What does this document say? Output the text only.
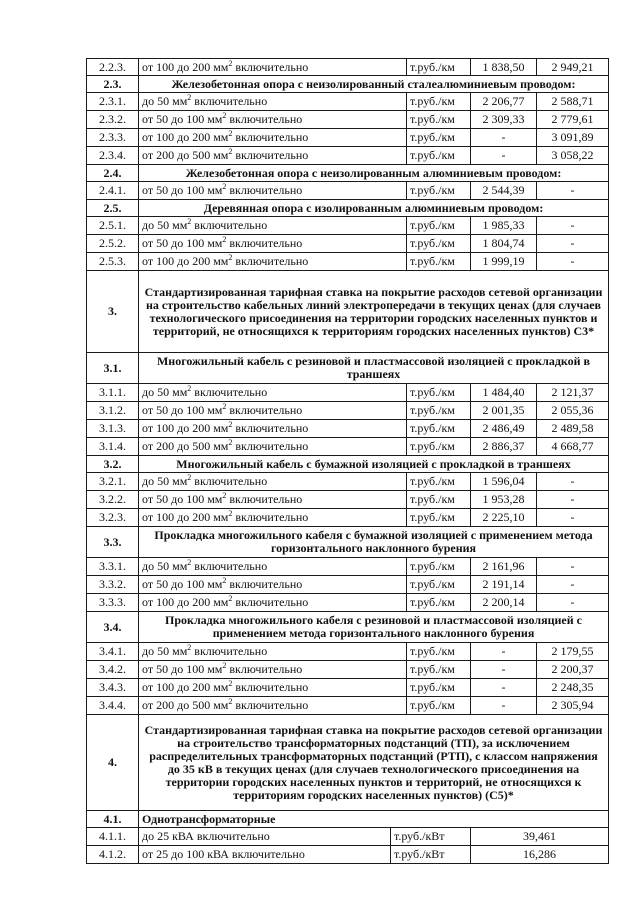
2.2.3.	от 100 до 200 $мм^2$ включительно		т.руб./км	1 838,50	2 949,21
2.3.	Железобетонная опора с неизолированный сталеалюминиевым проводом:				
2.3.1.	до 50 $мм^2$ включительно		т.руб./км	2 206,77	2 588,71
2.3.2.	от 50 до 100 $мм^2$ включительно		т.руб./км	2 309,33	2 779,61
2.3.3.	от 100 до 200 $мм^2$ включительно		т.руб./км	-	3 091,89
2.3.4.	от 200 до 500 $мм^2$ включительно		т.руб./км	-	3 058,22
2.4.	Железобетонная опора с неизолированным алюминиевым проводом:				
2.4.1.	от 50 до 100 $мм^2$ включительно		т.руб./км	2 544,39	-
2.5.	Деревянная опора с изолированным алюминиевым проводом:				
2.5.1.	до 50 $мм^2$ включительно		т.руб./км	1 985,33	-
2.5.2.	от 50 до 100 $мм^2$ включительно		т.руб./км	1 804,74	-
2.5.3.	от 100 до 200 $мм^2$ включительно		т.руб./км	1 999,19	-
3.	Стандартизированная тарифная ставка на покрытие расходов сетевой организации на строительство кабельных линий электропередачи в текущих ценах (для случаев технологического присоединения на территории городских населенных пунктов и территорий, не относящихся к территориям городских населенных пунктов) С3*				
3.1.	Многожильный кабель с резиновой и пластмассовой изоляцией с прокладкой в траншеях				
3.1.1.	до 50 $мм^2$ включительно		т.руб./км	1 484,40	2 121,37
3.1.2.	от 50 до 100 $мм^2$ включительно		т.руб./км	2 001,35	2 055,36
3.1.3.	от 100 до 200 $мм^2$ включительно		т.руб./км	2 486,49	2 489,58
3.1.4.	от 200 до 500 $мм^2$ включительно		т.руб./км	2 886,37	4 668,77
3.2.	Многожильный кабель с бумажной изоляцией с прокладкой в траншеях				
3.2.1.	до 50 $мм^2$ включительно		т.руб./км	1 596,04	-
3.2.2.	от 50 до 100 $мм^2$ включительно		т.руб./км	1 953,28	-
3.2.3.	от 100 до 200 $мм^2$ включительно		т.руб./км	2 225,10	-
3.3.	Прокладка многожильного кабеля с бумажной изоляцией с применением метода горизонтального наклонного бурения				
3.3.1.	до 50 $мм^2$ включительно		т.руб./км	2 161,96	-
3.3.2.	от 50 до 100 $мм^2$ включительно		т.руб./км	2 191,14	-
3.3.3.	от 100 до 200 $мм^2$ включительно		т.руб./км	2 200,14	-
3.4.	Прокладка многожильного кабеля с резиновой и пластмассовой изоляцией с применением метода горизонтального наклонного бурения				
3.4.1.	до 50 $мм^2$ включительно		т.руб./км	-	2 179,55
3.4.2.	от 50 до 100 $мм^2$ включительно		т.руб./км	-	2 200,37
3.4.3.	от 100 до 200 $мм^2$ включительно		т.руб./км	-	2 248,35
3.4.4.	от 200 до 500 $мм^2$ включительно		т.руб./км	-	2 305,94
4.	Стандартизированная тарифная ставка на покрытие расходов сетевой организации на строительство трансформаторных подстанций (ТП), за исключением распределительных трансформаторных подстанций (РТП), с классом напряжения до 35 кВ в текущих ценах (для случаев технологического присоединения на территории городских населенных пунктов и территорий, не относящихся к территориям городских населенных пунктов) (С5)*				
4.1.	Однотрансформаторные				
4.1.1.	до 25 кВА включительно	т.руб./кВт		39,461	
4.1.2.	от 25 до 100 кВА включительно	т.руб./кВт		16,286	
